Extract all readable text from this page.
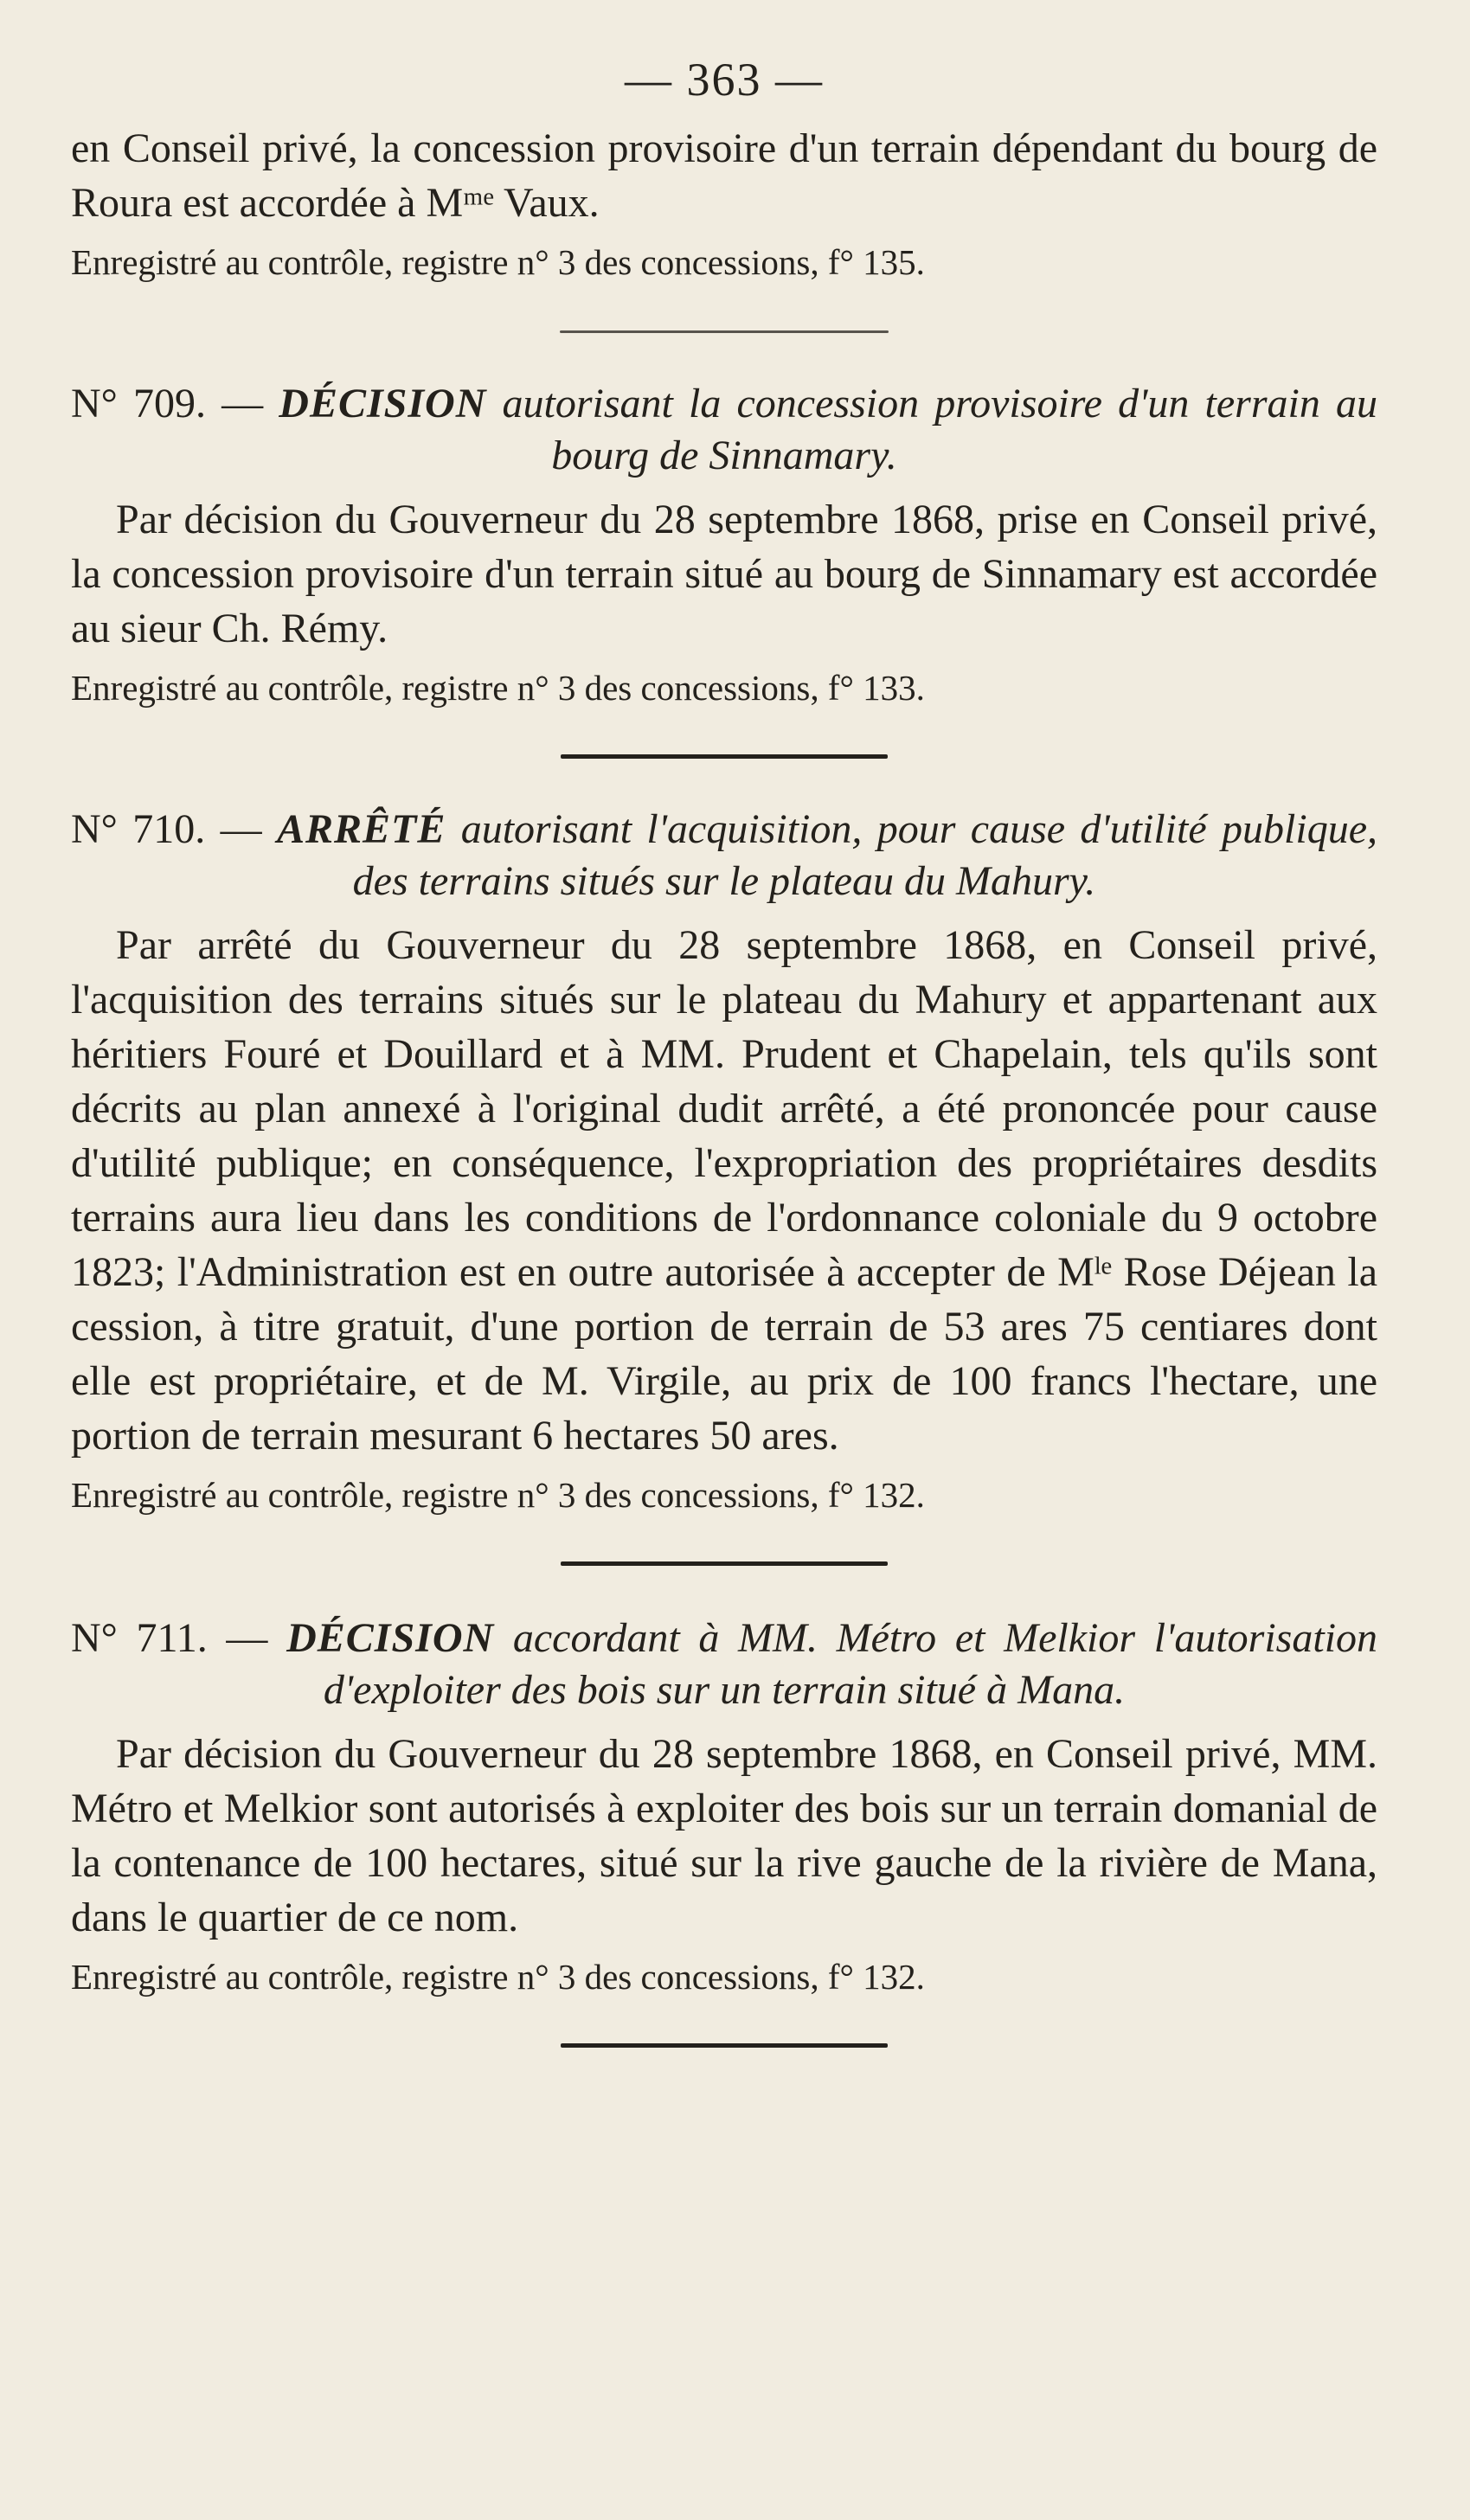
— 363 —

en Conseil privé, la concession provisoire d'un terrain dépendant du bourg de Roura est accordée à Mᵐᵉ Vaux.

Enregistré au contrôle, registre n° 3 des concessions, f° 135.

N° 709. — DÉCISION autorisant la concession provisoire d'un terrain au bourg de Sinnamary.

Par décision du Gouverneur du 28 septembre 1868, prise en Conseil privé, la concession provisoire d'un terrain situé au bourg de Sinnamary est accordée au sieur Ch. Rémy.

Enregistré au contrôle, registre n° 3 des concessions, f° 133.

N° 710. — ARRÊTÉ autorisant l'acquisition, pour cause d'utilité publique, des terrains situés sur le plateau du Mahury.

Par arrêté du Gouverneur du 28 septembre 1868, en Conseil privé, l'acquisition des terrains situés sur le plateau du Mahury et appartenant aux héritiers Fouré et Douillard et à MM. Prudent et Chapelain, tels qu'ils sont décrits au plan annexé à l'original dudit arrêté, a été prononcée pour cause d'utilité publique; en conséquence, l'expropriation des propriétaires desdits terrains aura lieu dans les conditions de l'ordonnance coloniale du 9 octobre 1823; l'Administration est en outre autorisée à accepter de Mˡᵉ Rose Déjean la cession, à titre gratuit, d'une portion de terrain de 53 ares 75 centiares dont elle est propriétaire, et de M. Virgile, au prix de 100 francs l'hectare, une portion de terrain mesurant 6 hectares 50 ares.

Enregistré au contrôle, registre n° 3 des concessions, f° 132.

N° 711. — DÉCISION accordant à MM. Métro et Melkior l'autorisation d'exploiter des bois sur un terrain situé à Mana.

Par décision du Gouverneur du 28 septembre 1868, en Conseil privé, MM. Métro et Melkior sont autorisés à exploiter des bois sur un terrain domanial de la contenance de 100 hectares, situé sur la rive gauche de la rivière de Mana, dans le quartier de ce nom.

Enregistré au contrôle, registre n° 3 des concessions, f° 132.
